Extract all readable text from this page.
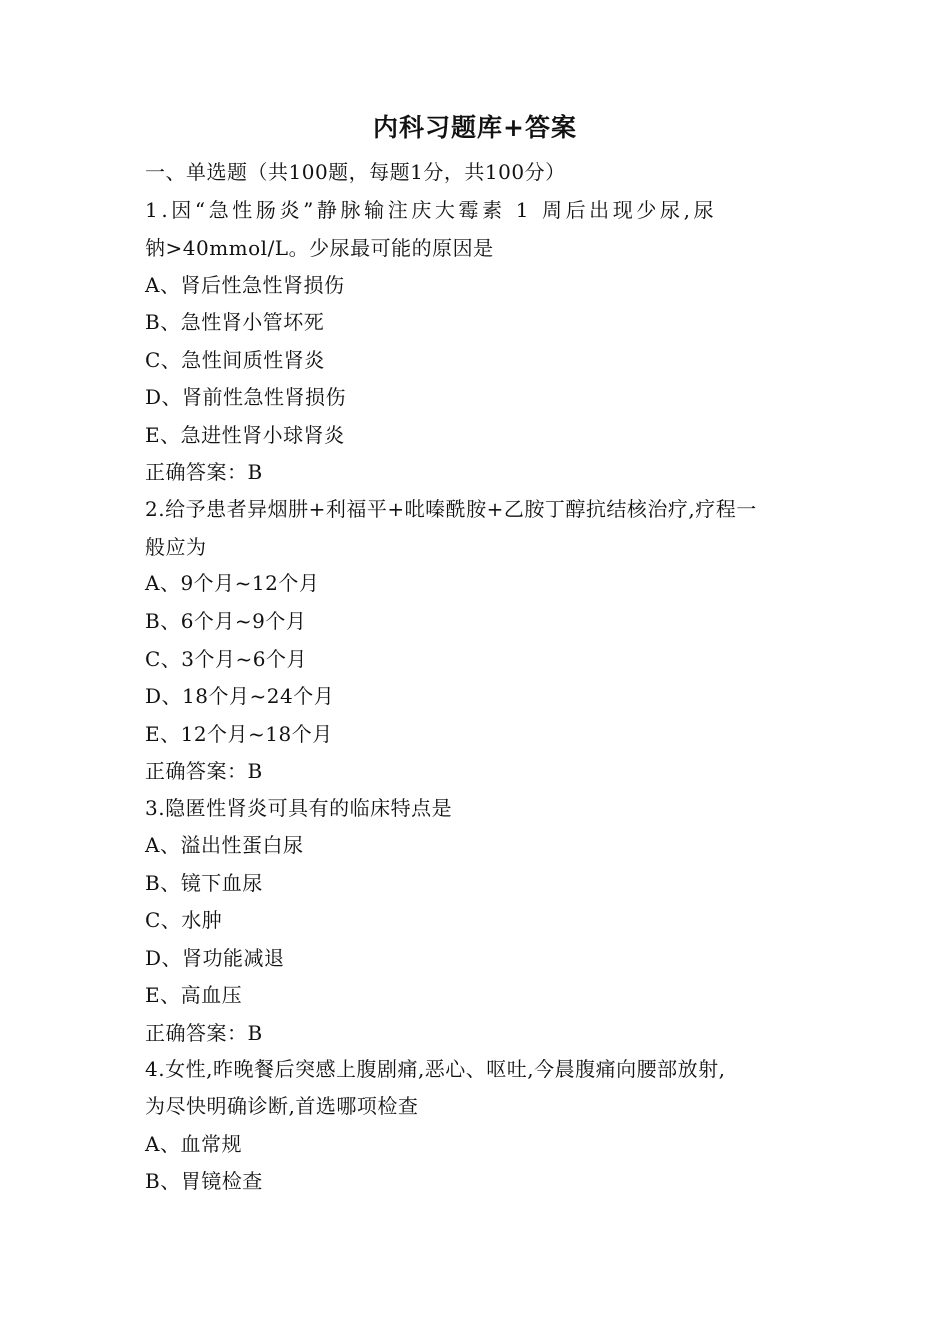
内科习题库+答案
一、单选题（共100题，每题1分，共100分）
1.因“急性肠炎”静脉输注庆大霉素 1 周后出现少尿,尿
钠>40mmol/L。少尿最可能的原因是
A、肾后性急性肾损伤
B、急性肾小管坏死
C、急性间质性肾炎
D、肾前性急性肾损伤
E、急进性肾小球肾炎
正确答案：B
2.给予患者异烟肼+利福平+吡嗪酰胺+乙胺丁醇抗结核治疗,疗程一
般应为
A、9个月~12个月
B、6个月~9个月
C、3个月~6个月
D、18个月~24个月
E、12个月~18个月
正确答案：B
3.隐匿性肾炎可具有的临床特点是
A、溢出性蛋白尿
B、镜下血尿
C、水肿
D、肾功能减退
E、高血压
正确答案：B
4.女性,昨晚餐后突感上腹剧痛,恶心、呕吐,今晨腹痛向腰部放射,
为尽快明确诊断,首选哪项检查
A、血常规
B、胃镜检查
